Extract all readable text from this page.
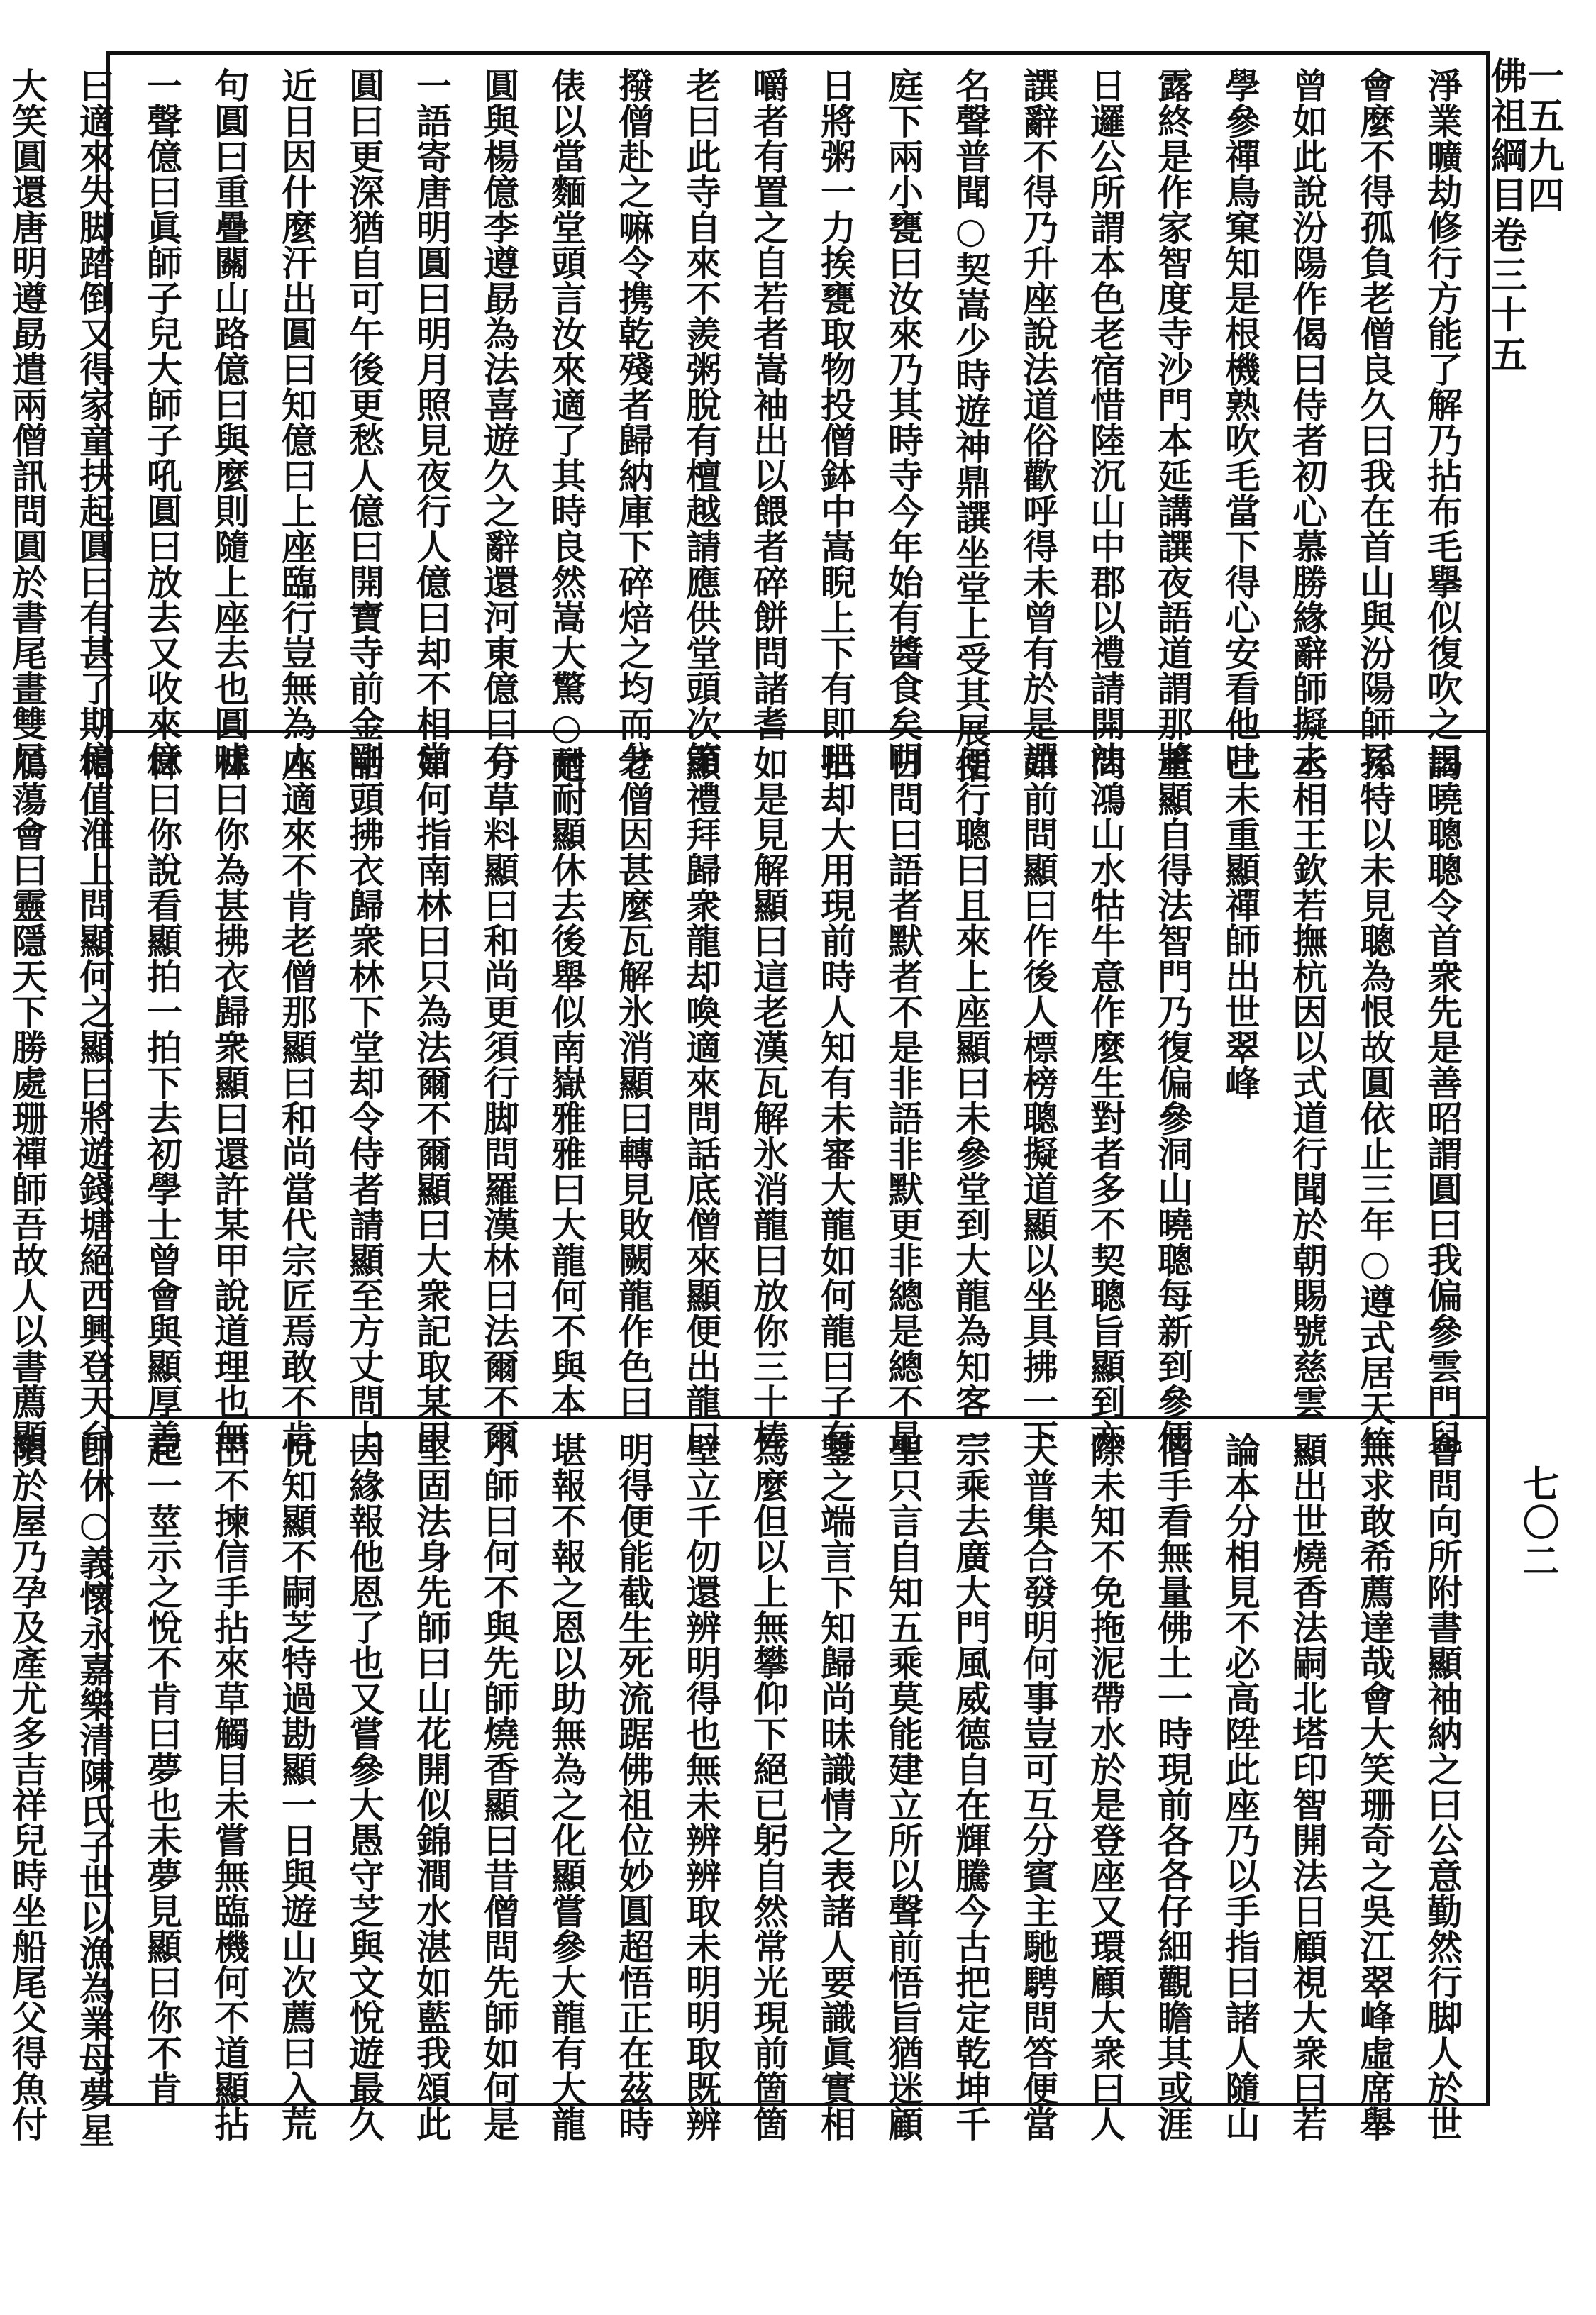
一五九四
佛祖綱目卷三十五
七〇二
淨業曠劫修行方能了解乃拈布毛擧似復吹之曰
會麼不得孤負老僧良久曰我在首山與汾陽師兄
曾如此說汾陽作偈曰侍者初心慕勝緣辭師擬去
學參禪鳥窠知是根機熟吹毛當下得心安看他吐
露終是作家智度寺沙門本延講譔夜語道謂那將
日邏公所謂本色老宿惜陸沉山中郡以禮請開法
譔辭不得乃升座說法道俗歡呼得未曾有於是譔
名聲普聞○契嵩少時遊神鼎譔坐堂上受其展指
庭下兩小甕曰汝來乃其時寺今年始有醬食矣明
日將粥一力挨甕取物投僧鉢中嵩睨上下有即咀
嚼者有置之自若者嵩袖出以餵者碎餅問諸耆
老曰此寺自來不羨粥脫有檀越請應供堂頭次第
撥僧赴之嘛令携乾殘者歸納庫下碎焙之均而分
俵以當麵堂頭言汝來適了其時良然嵩大驚○楚
圓與楊億李遵勗為法喜遊久之辭還河東億曰有
一語寄唐明圓曰明月照見夜行人億曰却不相當
圓曰更深猶自可午後更愁人億曰開寶寺前金剛
近日因什麼汗出圓曰知億曰上座臨行豈無為人
句圓曰重疊關山路億曰與麼則隨上座去也圓嘘
一聲億曰眞師子兒大師子吼圓曰放去又收來億
曰適來失脚踏倒又得家童扶起圓曰有甚了期億
大笑圓還唐明遵勗遣兩僧訊問圓於書尾畫雙足
謁曉聰聰令首衆先是善昭謂圓曰我偏參雲門兒
孫特以未見聰為恨故圓依止三年○遵式居天竺
丞相王欽若撫杭因以式道行聞於朝賜號慈雲
己未重顯禪師出世翠峰
重顯自得法智門乃復偏參洞山曉聰每新到參便
問鴻山水牯牛意作麼生對者多不契聰旨顯到亦
如前問顯曰作後人標榜聰擬道顯以坐具拂一下
便行聰曰且來上座顯曰未參堂到大龍為知客一
日問曰語者默者不是非語非默更非總是總不是
拈却大用現前時人知有未審大龍如何龍曰子有
如是見解顯曰這老漢瓦解氷消龍曰放你三十棒
顯禮拜歸衆龍却喚適來問話底僧來顯便出龍曰
老僧因甚麼瓦解氷消顯曰轉見敗闕龍作色曰
耐耐顯休去後舉似南嶽雅雅曰大龍何不與本
分草料顯曰和尚更須行脚問羅漢林曰法爾不爾
如何指南林曰只為法爾不爾顯曰大衆記取某甲
話頭拂衣歸衆林下堂却令侍者請顯至方丈問上
座適來不肯老僧那顯曰和尚當代宗匠焉敢不肯
林曰你為甚拂衣歸衆顯曰還許某甲說道理也無
林曰你說看顯拍一拍下去初學士曾會與顯厚善
相值淮上問顯何之顯曰將遊錢塘絕西興登天台
鴈蕩會曰靈隱天下勝處珊禪師吾故人以書薦顯
會問向所附書顯袖納之曰公意勤然行脚人於世
無求敢希薦達哉會大笑珊奇之吳江翠峰虛席舉
顯出世燒香法嗣北塔印智開法日顧視大衆曰若
論本分相見不必高陞此座乃以手指曰諸人隨山
僧手看無量佛土一時現前各各仔細觀瞻其或涯
際未知不免拖泥帶水於是登座又環顧大衆曰人
天普集合發明何事豈可互分賓主馳騁問答便當
宗乘去廣大門風威德自在輝騰今古把定乾坤千
聖只言自知五乘莫能建立所以聲前悟旨猶迷顧
鑒之端言下知歸尚昧識情之表諸人要識眞實相
為麼但以上無攀仰下絕已躬自然常光現前箇箇
壁立千仞還辨明得也無未辨辨取未明明取既辨
明得便能截生死流踞佛祖位妙圓超悟正在茲時
堪報不報之恩以助無為之化顯嘗參大龍有大龍
小師曰何不與先師燒香顯曰昔僧問先師如何是
堅固法身先師曰山花開似錦澗水湛如藍我頌此
因緣報他恩了也又嘗參大愚守芝與文悅遊最久
悅知顯不嗣芝特過勘顯一日與遊山次薦曰入荒
田不揀信手拈來草觸目未嘗無臨機何不道顯拈
起一莖示之悅不肯曰夢也未夢見顯曰你不肯
卽休○義懷永嘉樂清陳氏子世以漁為業母夢星
隕於屋乃孕及產尤多吉祥兒時坐船尾父得魚付
